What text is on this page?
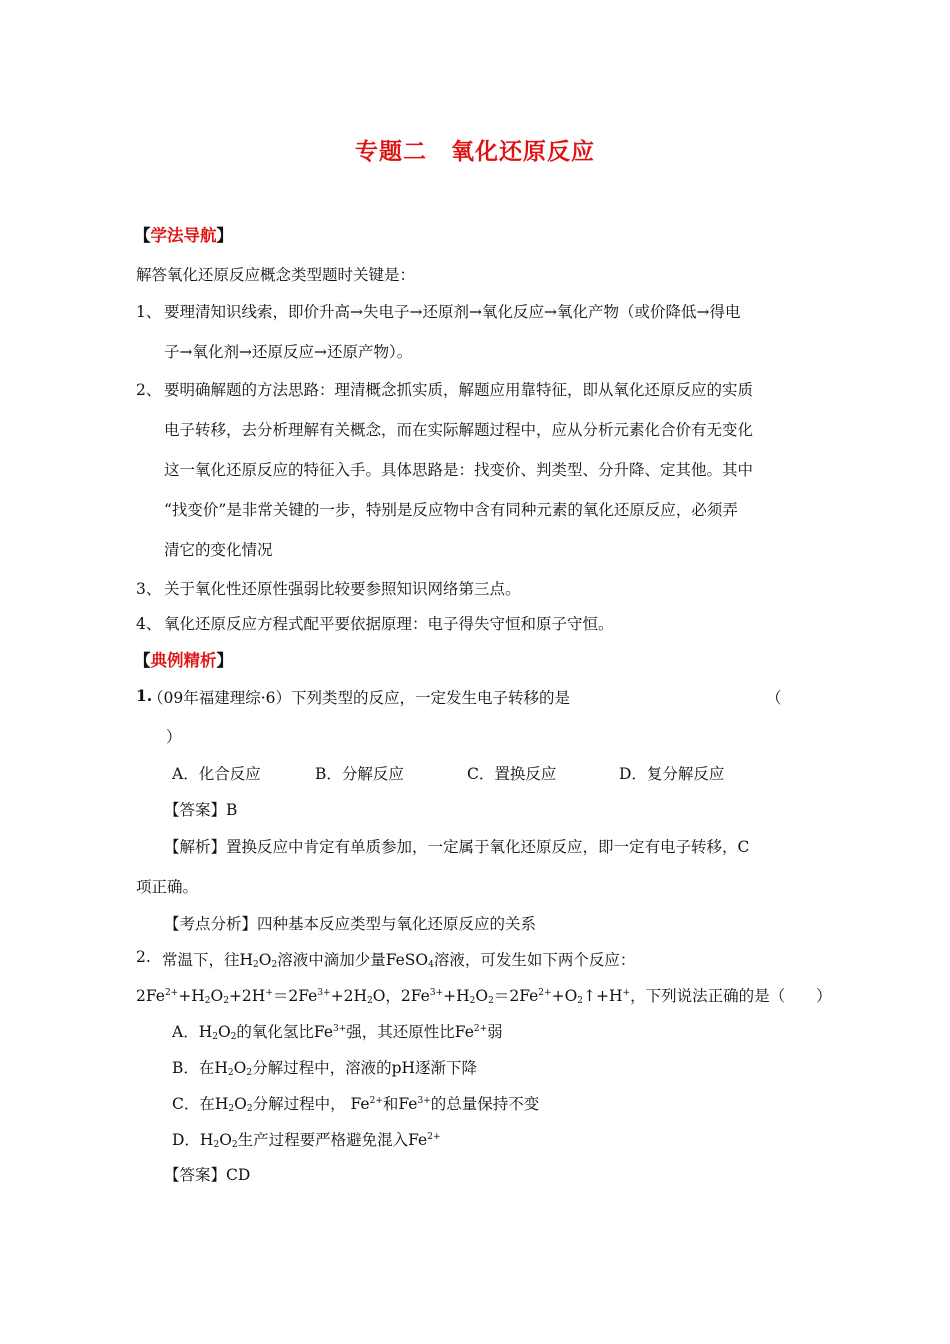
专题二　氧化还原反应
【学法导航】
解答氧化还原反应概念类型题时关键是：
1、 要理清知识线索，即价升高→失电子→还原剂→氧化反应→氧化产物（或价降低→得电
子→氧化剂→还原反应→还原产物）。
2、 要明确解题的方法思路：理清概念抓实质，解题应用靠特征，即从氧化还原反应的实质
电子转移，去分析理解有关概念，而在实际解题过程中，应从分析元素化合价有无变化
这一氧化还原反应的特征入手。具体思路是：找变价、判类型、分升降、定其他。其中
“找变价”是非常关键的一步，特别是反应物中含有同种元素的氧化还原反应，必须弄
清它的变化情况
3、 关于氧化性还原性强弱比较要参照知识网络第三点。
4、 氧化还原反应方程式配平要依据原理：电子得失守恒和原子守恒。
【典例精析】
1.
（09年福建理综·6）下列类型的反应，一定发生电子转移的是	（
）
A．化合反应	B．分解反应	C．置换反应	D．复分解反应
【答案】B
【解析】置换反应中肯定有单质参加，一定属于氧化还原反应，即一定有电子转移，C
项正确。
【考点分析】四种基本反应类型与氧化还原反应的关系
2. 常温下，往$H_2O_2$溶液中滴加少量FeSO$_4$溶液，可发生如下两个反应：
$2Fe^{2+}+H_2O_2+2H^+=2Fe^{3+}+2H_2O$，$2Fe^{3+}+H_2O_2=2Fe^{2+}+O_2↑+H^+$，下列说法正确的是（　　）
A．$H_2O_2$的氧化氢比$Fe^{3+}$强，其还原性比$Fe^{2+}$弱
B．在$H_2O_2$分解过程中，溶液的pH逐渐下降
C．在$H_2O_2$分解过程中， $Fe^{2+}$和$Fe^{3+}$的总量保持不变
D．$H_2O_2$生产过程要严格避免混入$Fe^{2+}$
【答案】CD
